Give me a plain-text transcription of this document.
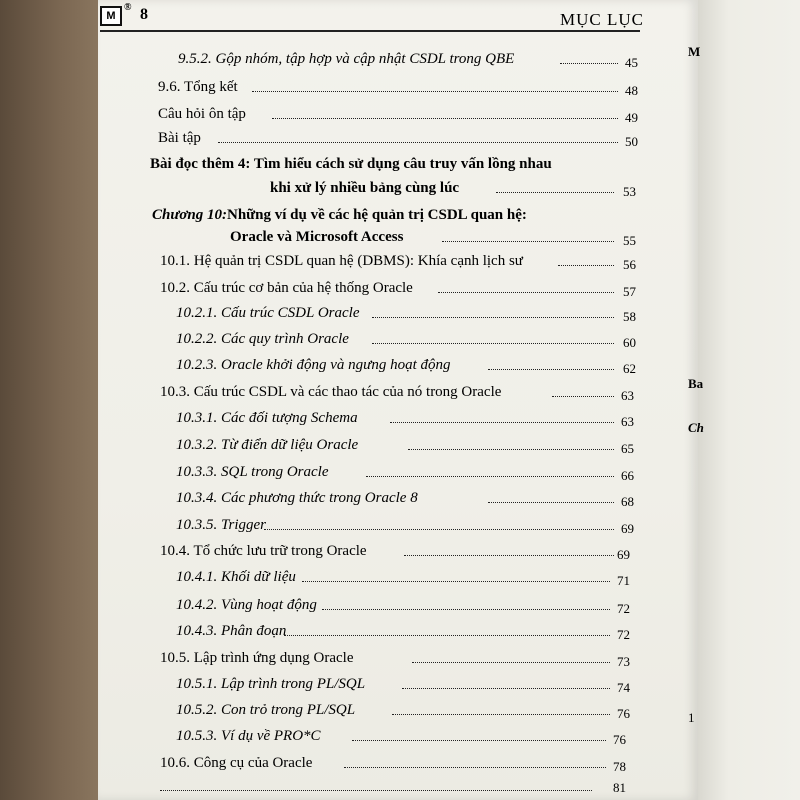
M
Ba
Ch
1
M
® 8	MỤC LỤC
9.5.2. Gộp nhóm, tập hợp và cập nhật CSDL trong QBE
9.6. Tổng kết
Câu hỏi ôn tập
Bài tập
Bài đọc thêm 4: Tìm hiểu cách sử dụng câu truy vấn lồng nhau
khi xử lý nhiều bảng cùng lúc
Chương 10:Những ví dụ về các hệ quản trị CSDL quan hệ:
Oracle và Microsoft Access
10.1. Hệ quản trị CSDL quan hệ (DBMS): Khía cạnh lịch sư
10.2. Cấu trúc cơ bản của hệ thống Oracle
10.2.1. Cấu trúc CSDL Oracle
10.2.2. Các quy trình Oracle
10.2.3. Oracle khởi động và ngưng hoạt động
10.3. Cấu trúc CSDL và các thao tác của nó trong Oracle
10.3.1. Các đối tượng Schema
10.3.2. Từ điển dữ liệu Oracle
10.3.3. SQL trong Oracle
10.3.4. Các phương thức trong Oracle 8
10.3.5. Trigger
10.4. Tổ chức lưu trữ trong Oracle
10.4.1. Khối dữ liệu
10.4.2. Vùng hoạt động
10.4.3. Phân đoạn
10.5. Lập trình ứng dụng Oracle
10.5.1. Lập trình trong PL/SQL
10.5.2. Con trỏ trong PL/SQL
10.5.3. Ví dụ về PRO*C
10.6. Công cụ của Oracle
45
48
49
50
53
55
56
57
58
60
62
63
63
65
66
68
69
69
71
72
72
73
74
76
76
78
81
